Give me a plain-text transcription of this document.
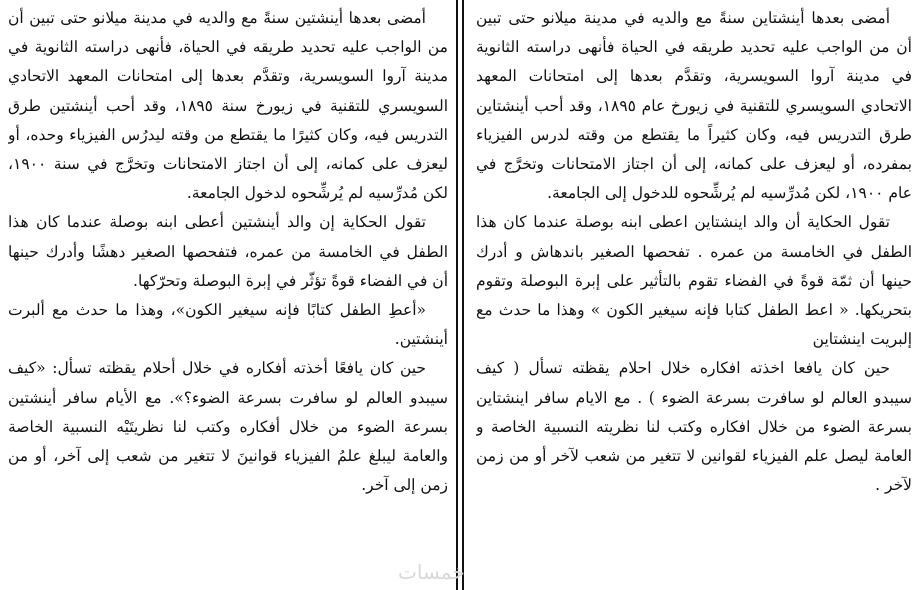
أمضى بعدها أينشتين سنةً مع والديه في مدينة ميلانو حتى تبين أن من الواجب عليه تحديد طريقه في الحياة، فأنهى دراسته الثانوية في مدينة آروا السويسرية، وتقدَّم بعدها إلى امتحانات المعهد الاتحادي السويسري للتقنية في زيورخ سنة ١٨٩٥، وقد أحب أينشتين طرق التدريس فيه، وكان كثيرًا ما يقتطع من وقته ليدرُس الفيزياء وحده، أو ليعزف على كمانه، إلى أن اجتاز الامتحانات وتخرَّج في سنة ١٩٠٠، لكن مُدرِّسيه لم يُرشِّحوه لدخول الجامعة.

تقول الحكاية إن والد أينشتين أعطى ابنه بوصلة عندما كان هذا الطفل في الخامسة من عمره، فتفحصها الصغير دهشًا وأدرك حينها أن في الفضاء قوةً تؤثّر في إبرة البوصلة وتحرّكها.

«أعطِ الطفل كتابًا فإنه سيغير الكون»، وهذا ما حدث مع ألبرت أينشتين.

حين كان يافعًا أخذته أفكاره في خلال أحلام يقظته تسأل: «كيف سيبدو العالم لو سافرت بسرعة الضوء؟». مع الأيام سافر أينشتين بسرعة الضوء من خلال أفكاره وكتب لنا نظريتَيْه النسبية الخاصة والعامة ليبلغ علمُ الفيزياء قوانينَ لا تتغير من شعب إلى آخر، أو من زمن إلى آخر.

أمضى بعدها أينشتاين سنةً مع والديه في مدينة ميلانو حتى تبين أن من الواجب عليه تحديد طريقه في الحياة فأنهى دراسته الثانوية في مدينة آروا السويسرية، وتقدَّم بعدها إلى امتحانات المعهد الاتحادي السويسري للتقنية في زيورخ عام ١٨٩٥، وقد أحب أينشتاين طرق التدريس فيه، وكان كثيراً ما يقتطع من وقته لدرس الفيزياء بمفرده، أو ليعزف على كمانه، إلى أن اجتاز الامتحانات وتخرَّج في عام ١٩٠٠، لكن مُدرِّسيه لم يُرشِّحوه للدخول إلى الجامعة.

تقول الحكاية أن والد اينشتاين اعطى ابنه بوصلة عندما كان هذا الطفل في الخامسة من عمره . تفحصها الصغير باندهاش و أدرك حينها أن ثمّة قوةً في الفضاء تقوم بالتأثير على إبرة البوصلة وتقوم بتحريكها. « اعط الطفل كتابا فإنه سيغير الكون » وهذا ما حدث مع إلبريت اينشتاين

حين كان يافعا اخذته افكاره خلال احلام يقظته تسأل ( كيف سيبدو العالم لو سافرت بسرعة الضوء ) . مع الايام سافر اينشتاين بسرعة الضوء من خلال افكاره وكتب لنا نظريته النسبية الخاصة و العامة ليصل علم الفيزياء لقوانين لا تتغير من شعب لآخر أو من زمن لآخر .

خمسات
